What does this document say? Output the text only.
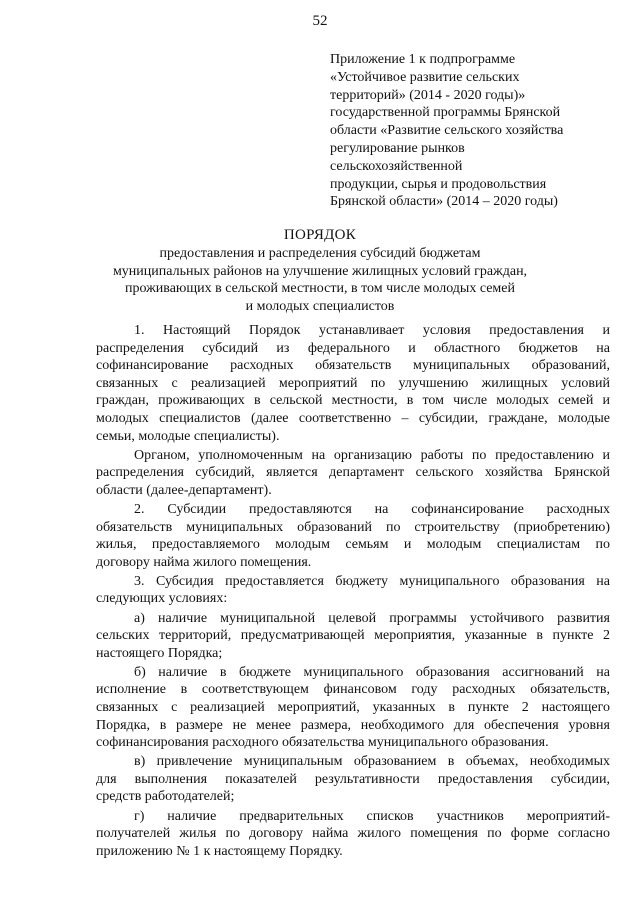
52
Приложение 1 к подпрограмме
«Устойчивое развитие сельских
территорий» (2014 - 2020 годы)»
государственной программы Брянской
области «Развитие сельского хозяйства
регулирование рынков
сельскохозяйственной
продукции, сырья и продовольствия
Брянской области» (2014 – 2020 годы)
ПОРЯДОК
предоставления и распределения субсидий бюджетам
муниципальных районов на улучшение жилищных условий граждан,
проживающих в сельской местности, в том числе молодых семей
и молодых специалистов
1. Настоящий Порядок устанавливает условия предоставления и
распределения субсидий из федерального и областного бюджетов на
софинансирование расходных обязательств муниципальных образований,
связанных с реализацией мероприятий по улучшению жилищных условий
граждан, проживающих в сельской местности, в том числе молодых семей и
молодых специалистов (далее соответственно – субсидии, граждане, молодые
семьи, молодые специалисты).
Органом, уполномоченным на организацию работы по предоставлению и
распределения субсидий, является департамент сельского хозяйства Брянской
области (далее-департамент).
2. Субсидии предоставляются на софинансирование расходных
обязательств муниципальных образований по строительству (приобретению)
жилья, предоставляемого молодым семьям и молодым специалистам по
договору найма жилого помещения.
3. Субсидия предоставляется бюджету муниципального образования на
следующих условиях:
а) наличие муниципальной целевой программы устойчивого развития
сельских территорий, предусматривающей мероприятия, указанные в пункте 2
настоящего Порядка;
б) наличие в бюджете муниципального образования ассигнований на
исполнение в соответствующем финансовом году расходных обязательств,
связанных с реализацией мероприятий, указанных в пункте 2 настоящего
Порядка, в размере не менее размера, необходимого для обеспечения уровня
софинансирования расходного обязательства муниципального образования.
в) привлечение муниципальным образованием в объемах, необходимых
для выполнения показателей результативности предоставления субсидии,
средств работодателей;
г) наличие предварительных списков участников мероприятий-
получателей жилья по договору найма жилого помещения по форме согласно
приложению № 1 к настоящему Порядку.
